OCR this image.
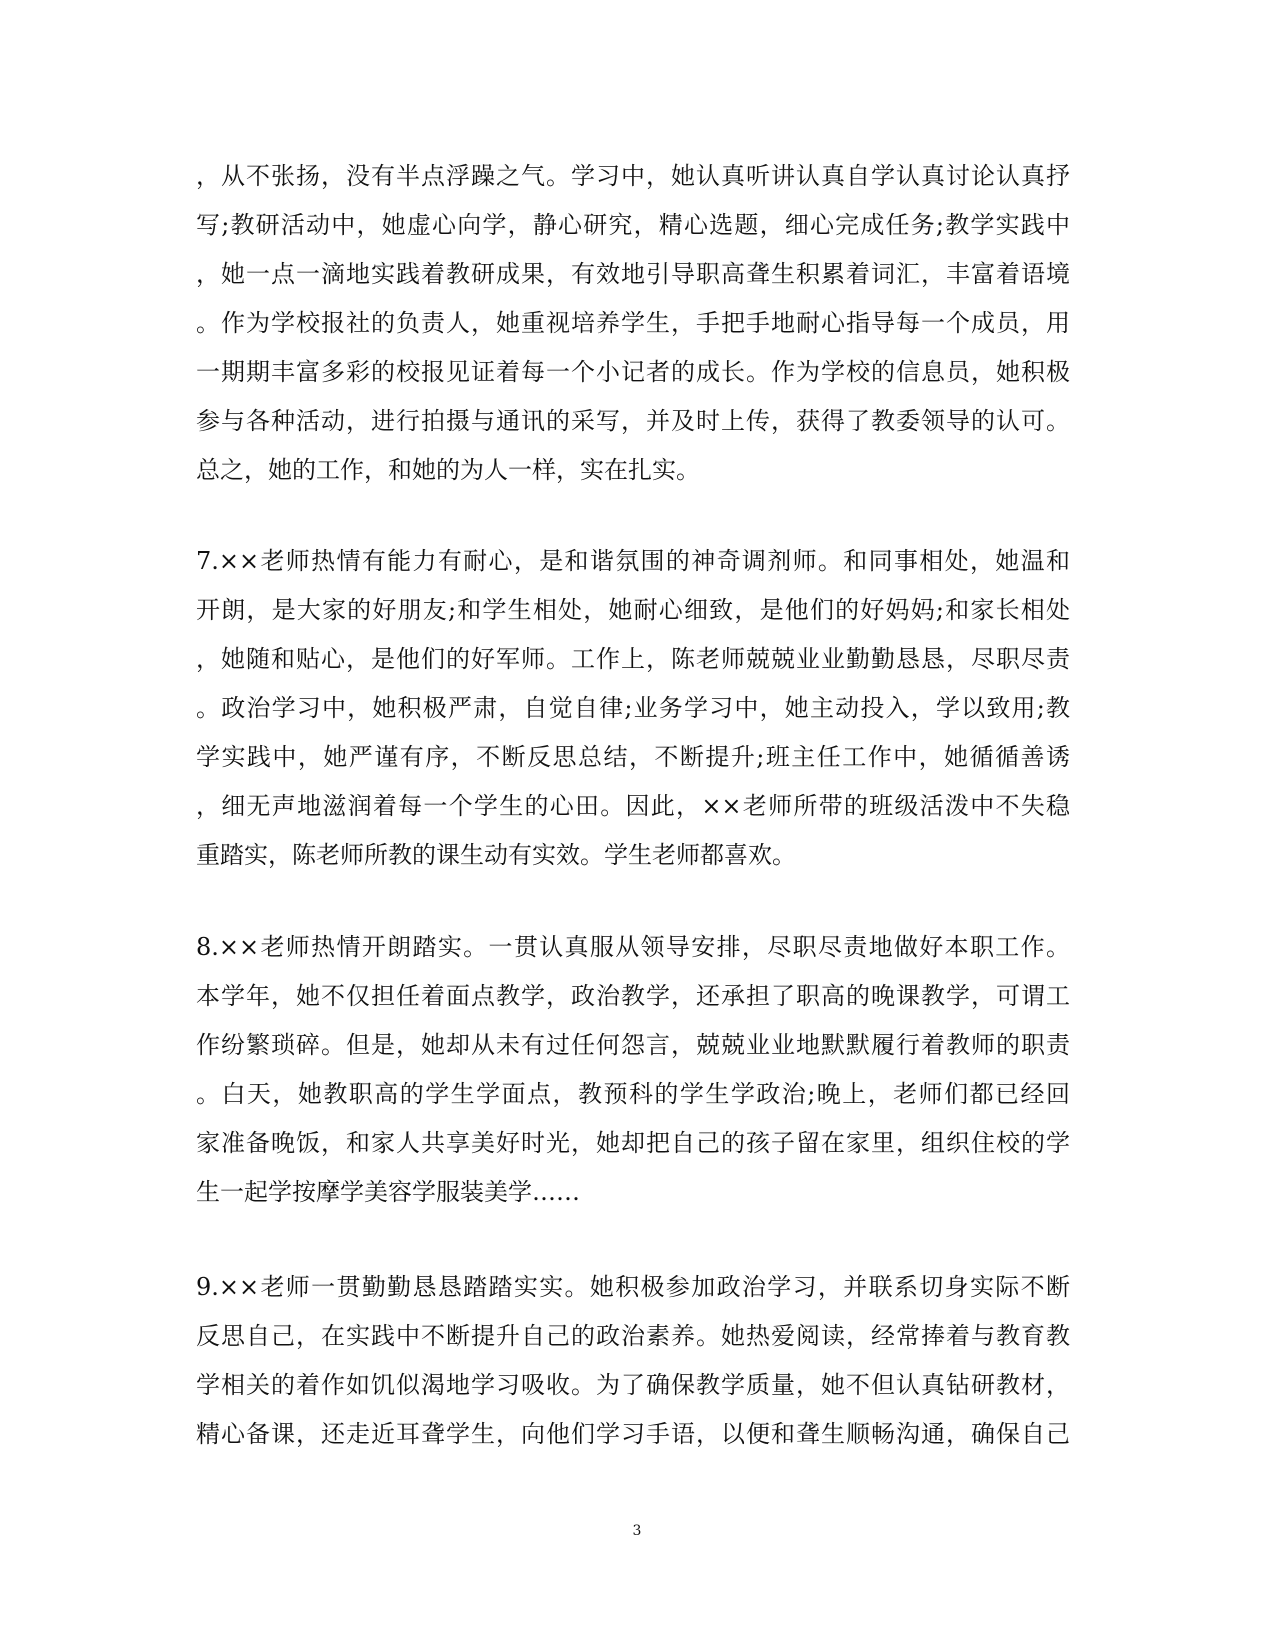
，从不张扬，没有半点浮躁之气。学习中，她认真听讲认真自学认真讨论认真抒
写;教研活动中，她虚心向学，静心研究，精心选题，细心完成任务;教学实践中
，她一点一滴地实践着教研成果，有效地引导职高聋生积累着词汇，丰富着语境
。作为学校报社的负责人，她重视培养学生，手把手地耐心指导每一个成员，用
一期期丰富多彩的校报见证着每一个小记者的成长。作为学校的信息员，她积极
参与各种活动，进行拍摄与通讯的采写，并及时上传，获得了教委领导的认可。
总之，她的工作，和她的为人一样，实在扎实。
7.××老师热情有能力有耐心，是和谐氛围的神奇调剂师。和同事相处，她温和
开朗，是大家的好朋友;和学生相处，她耐心细致，是他们的好妈妈;和家长相处
，她随和贴心，是他们的好军师。工作上，陈老师兢兢业业勤勤恳恳，尽职尽责
。政治学习中，她积极严肃，自觉自律;业务学习中，她主动投入，学以致用;教
学实践中，她严谨有序，不断反思总结，不断提升;班主任工作中，她循循善诱
，细无声地滋润着每一个学生的心田。因此，××老师所带的班级活泼中不失稳
重踏实，陈老师所教的课生动有实效。学生老师都喜欢。
8.××老师热情开朗踏实。一贯认真服从领导安排，尽职尽责地做好本职工作。
本学年，她不仅担任着面点教学，政治教学，还承担了职高的晚课教学，可谓工
作纷繁琐碎。但是，她却从未有过任何怨言，兢兢业业地默默履行着教师的职责
。白天，她教职高的学生学面点，教预科的学生学政治;晚上，老师们都已经回
家准备晚饭，和家人共享美好时光，她却把自己的孩子留在家里，组织住校的学
生一起学按摩学美容学服装美学……
9.××老师一贯勤勤恳恳踏踏实实。她积极参加政治学习，并联系切身实际不断
反思自己，在实践中不断提升自己的政治素养。她热爱阅读，经常捧着与教育教
学相关的着作如饥似渴地学习吸收。为了确保教学质量，她不但认真钻研教材，
精心备课，还走近耳聋学生，向他们学习手语，以便和聋生顺畅沟通，确保自己
3
